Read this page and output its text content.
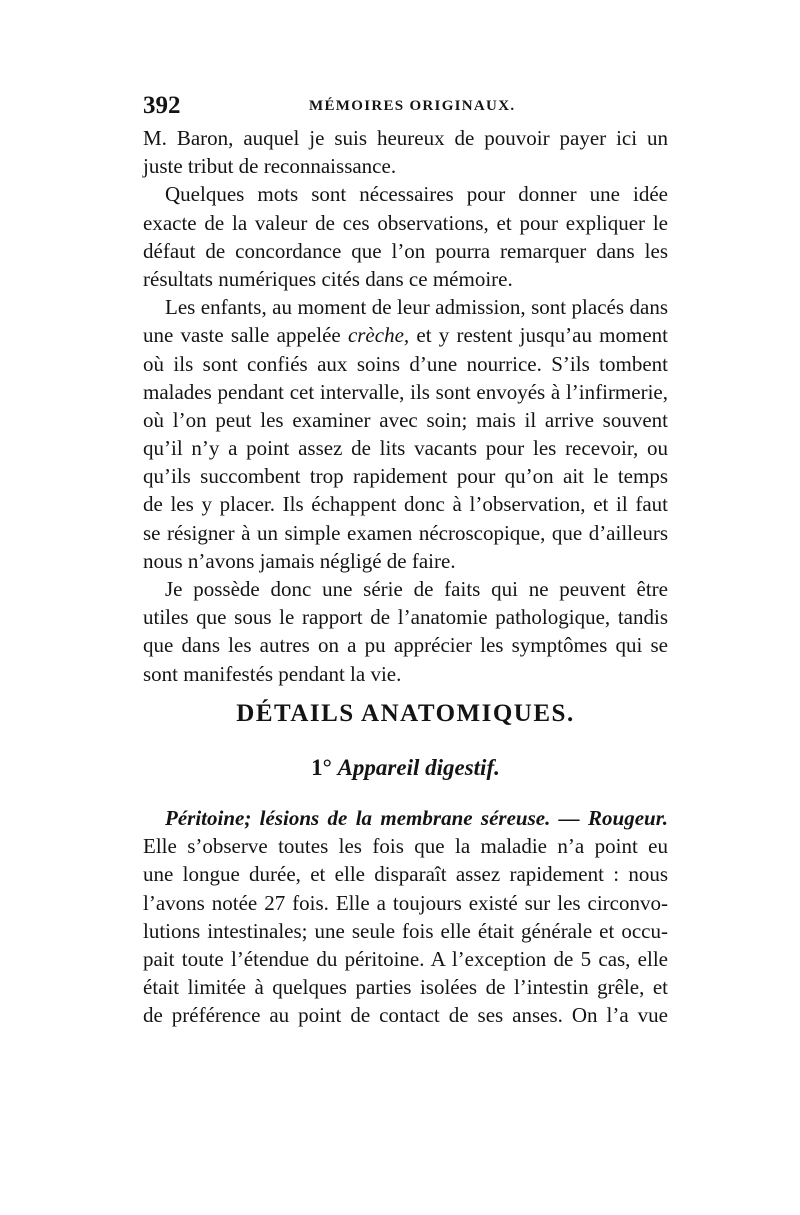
392	MÉMOIRES ORIGINAUX.

M. Baron, auquel je suis heureux de pouvoir payer ici un

juste tribut de reconnaissance.

Quelques mots sont nécessaires pour donner une idée

exacte de la valeur de ces observations, et pour expliquer le

défaut de concordance que l’on pourra remarquer dans les

résultats numériques cités dans ce mémoire.

Les enfants, au moment de leur admission, sont placés dans

une vaste salle appelée crèche, et y restent jusqu’au moment

où ils sont confiés aux soins d’une nourrice. S’ils tombent

malades pendant cet intervalle, ils sont envoyés à l’infirmerie,

où l’on peut les examiner avec soin; mais il arrive souvent

qu’il n’y a point assez de lits vacants pour les recevoir, ou

qu’ils succombent trop rapidement pour qu’on ait le temps

de les y placer. Ils échappent donc à l’observation, et il faut

se résigner à un simple examen nécroscopique, que d’ailleurs

nous n’avons jamais négligé de faire.

Je possède donc une série de faits qui ne peuvent être

utiles que sous le rapport de l’anatomie pathologique, tandis

que dans les autres on a pu apprécier les symptômes qui se

sont manifestés pendant la vie.

DÉTAILS ANATOMIQUES.
1° Appareil digestif.

Péritoine; lésions de la membrane séreuse. — Rougeur.

Elle s’observe toutes les fois que la maladie n’a point eu

une longue durée, et elle disparaît assez rapidement : nous

l’avons notée 27 fois. Elle a toujours existé sur les circonvo-

lutions intestinales; une seule fois elle était générale et occu-

pait toute l’étendue du péritoine. A l’exception de 5 cas, elle

était limitée à quelques parties isolées de l’intestin grêle, et

de préférence au point de contact de ses anses. On l’a vue
